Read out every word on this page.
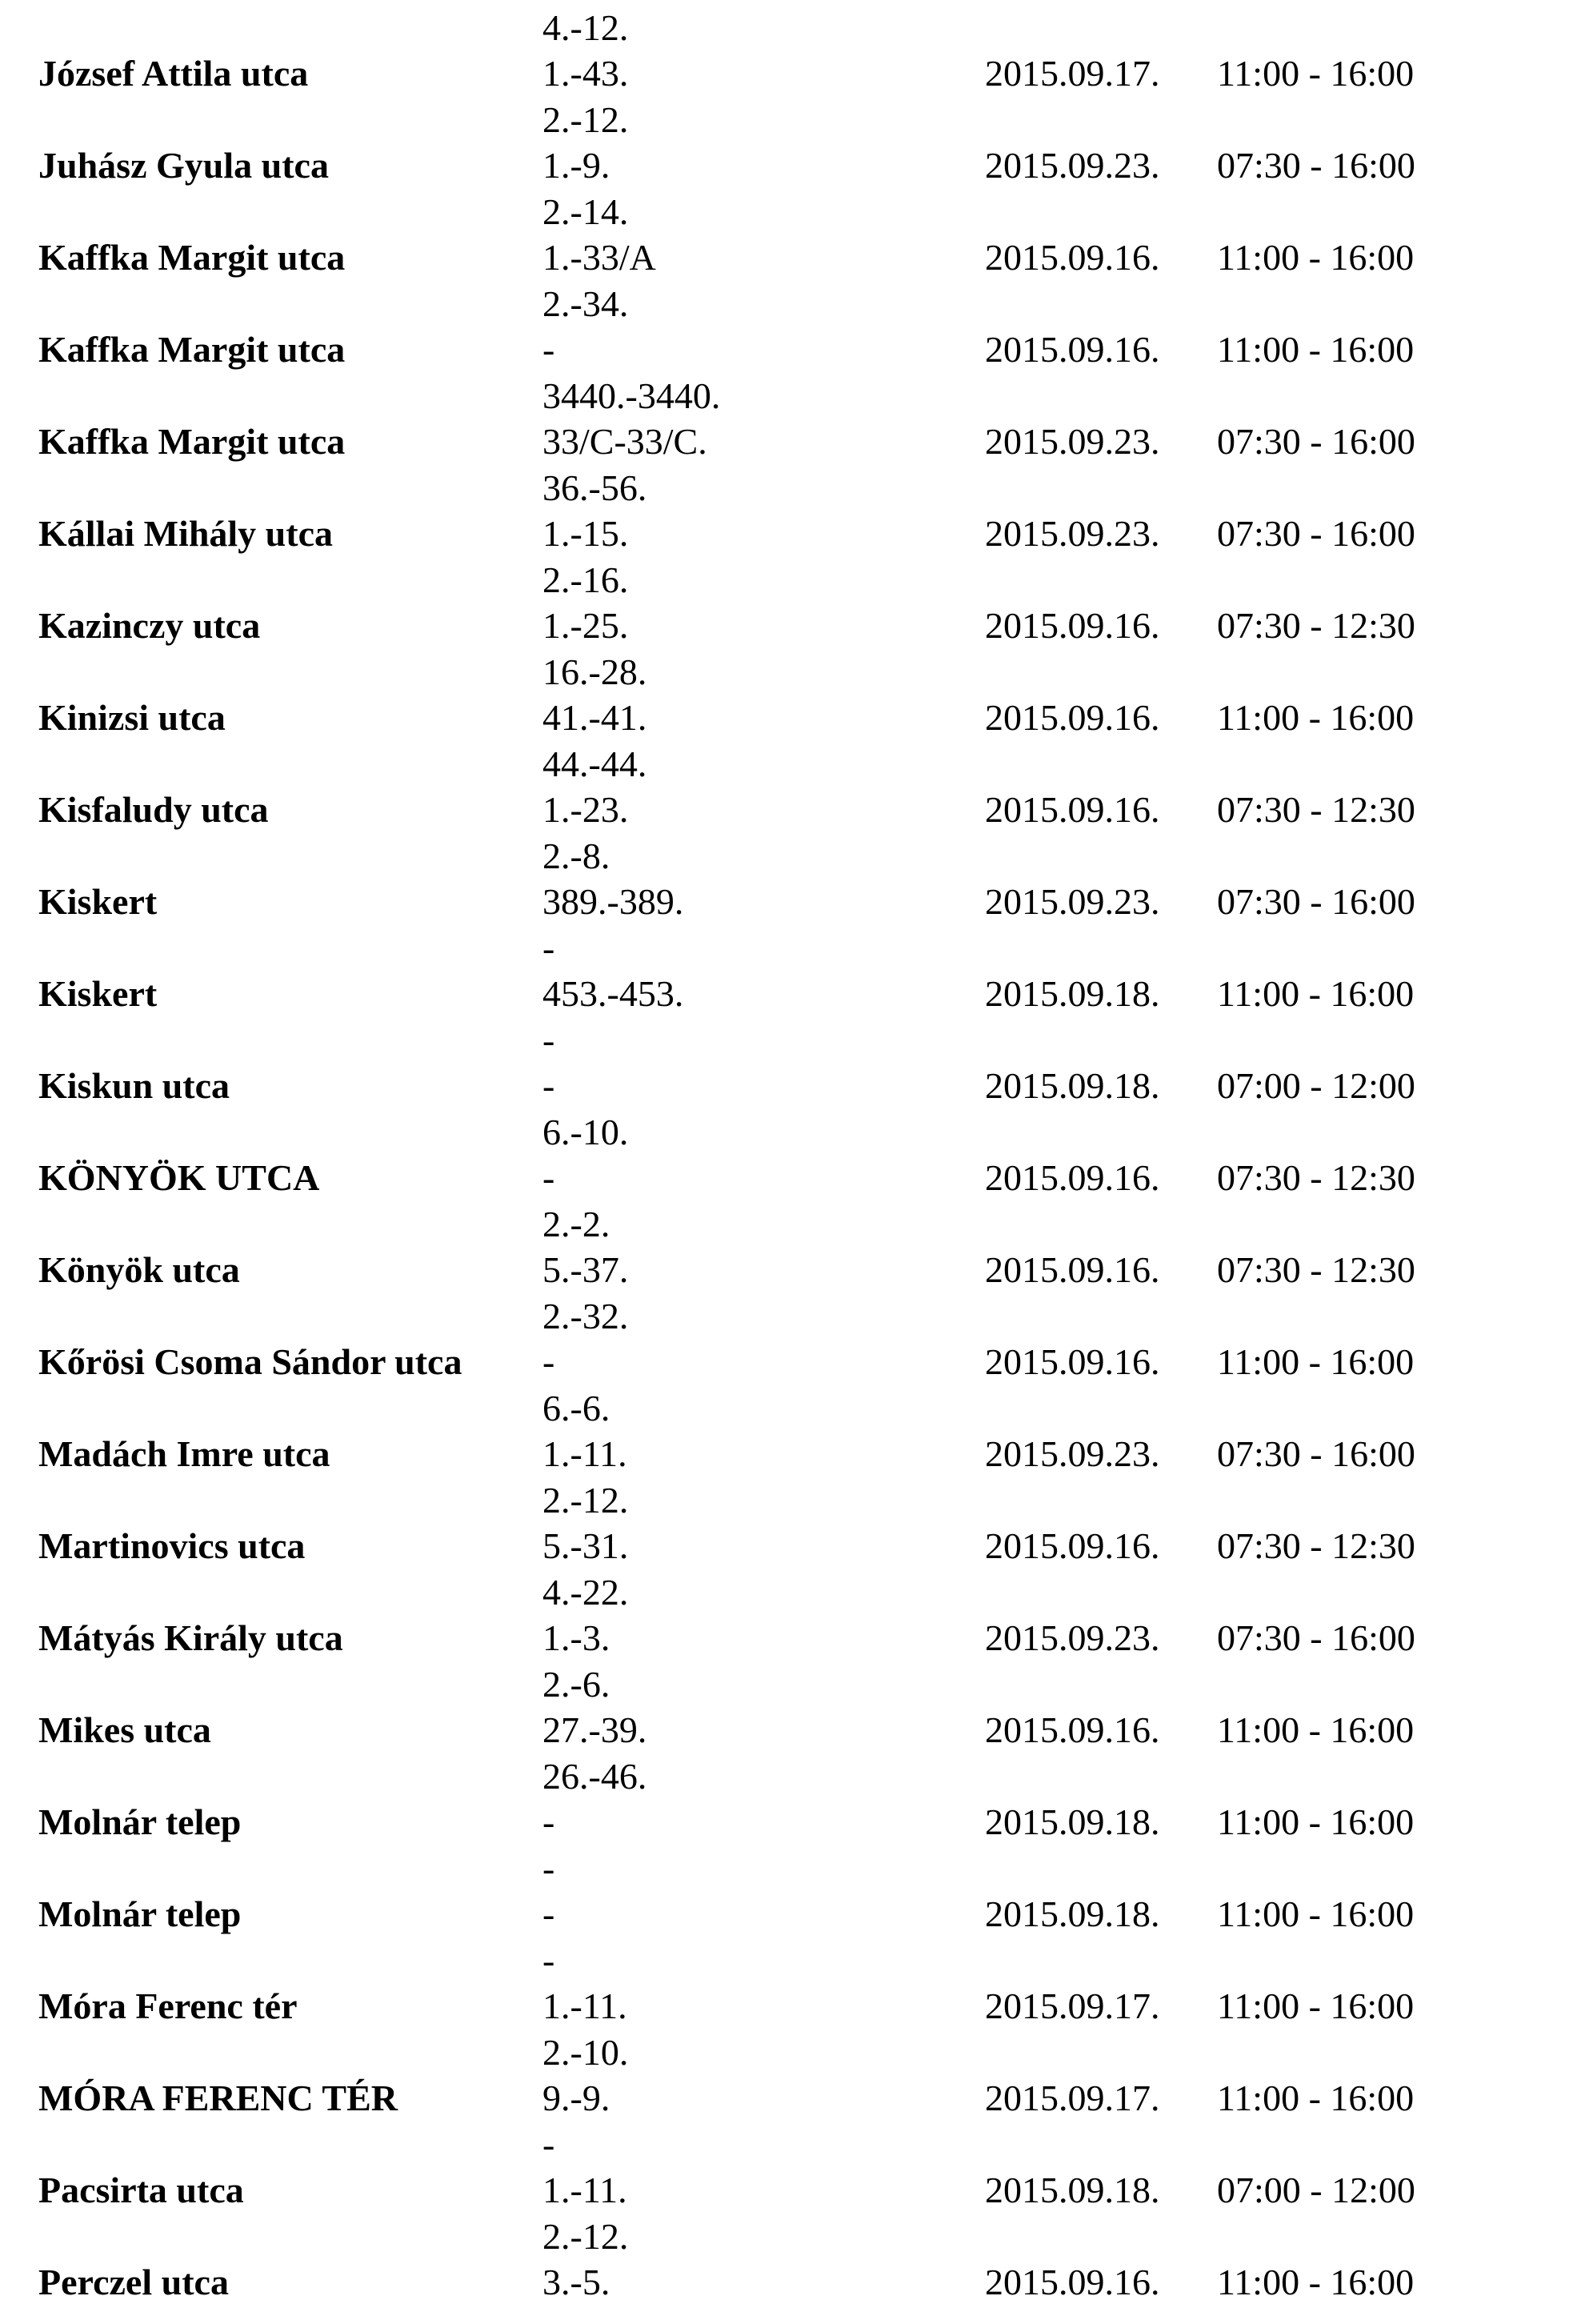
4.-12.
József Attila utca	1.-43.	2015.09.17. 11:00 - 16:00
2.-12.
Juhász Gyula utca	1.-9.	2015.09.23. 07:30 - 16:00
2.-14.
Kaffka Margit utca	1.-33/A	2015.09.16. 11:00 - 16:00
2.-34.
Kaffka Margit utca	-	2015.09.16. 11:00 - 16:00
3440.-3440.
Kaffka Margit utca	33/C-33/C.	2015.09.23. 07:30 - 16:00
36.-56.
Kállai Mihály utca	1.-15.	2015.09.23. 07:30 - 16:00
2.-16.
Kazinczy utca	1.-25.	2015.09.16. 07:30 - 12:30
16.-28.
Kinizsi utca	41.-41.	2015.09.16. 11:00 - 16:00
44.-44.
Kisfaludy utca	1.-23.	2015.09.16. 07:30 - 12:30
2.-8.
Kiskert	389.-389.	2015.09.23. 07:30 - 16:00
-
Kiskert	453.-453.	2015.09.18. 11:00 - 16:00
-
Kiskun utca	-	2015.09.18. 07:00 - 12:00
6.-10.
KÖNYÖK UTCA	-	2015.09.16. 07:30 - 12:30
2.-2.
Könyök utca	5.-37.	2015.09.16. 07:30 - 12:30
2.-32.
Kőrösi Csoma Sándor utca -	2015.09.16. 11:00 - 16:00
6.-6.
Madách Imre utca	1.-11.	2015.09.23. 07:30 - 16:00
2.-12.
Martinovics utca	5.-31.	2015.09.16. 07:30 - 12:30
4.-22.
Mátyás Király utca	1.-3.	2015.09.23. 07:30 - 16:00
2.-6.
Mikes utca	27.-39.	2015.09.16. 11:00 - 16:00
26.-46.
Molnár telep	-	2015.09.18. 11:00 - 16:00
-
Molnár telep	-	2015.09.18. 11:00 - 16:00
-
Móra Ferenc tér	1.-11.	2015.09.17. 11:00 - 16:00
2.-10.
MÓRA FERENC TÉR	9.-9.	2015.09.17. 11:00 - 16:00
-
Pacsirta utca	1.-11.	2015.09.18. 07:00 - 12:00
2.-12.
Perczel utca	3.-5.	2015.09.16. 11:00 - 16:00
